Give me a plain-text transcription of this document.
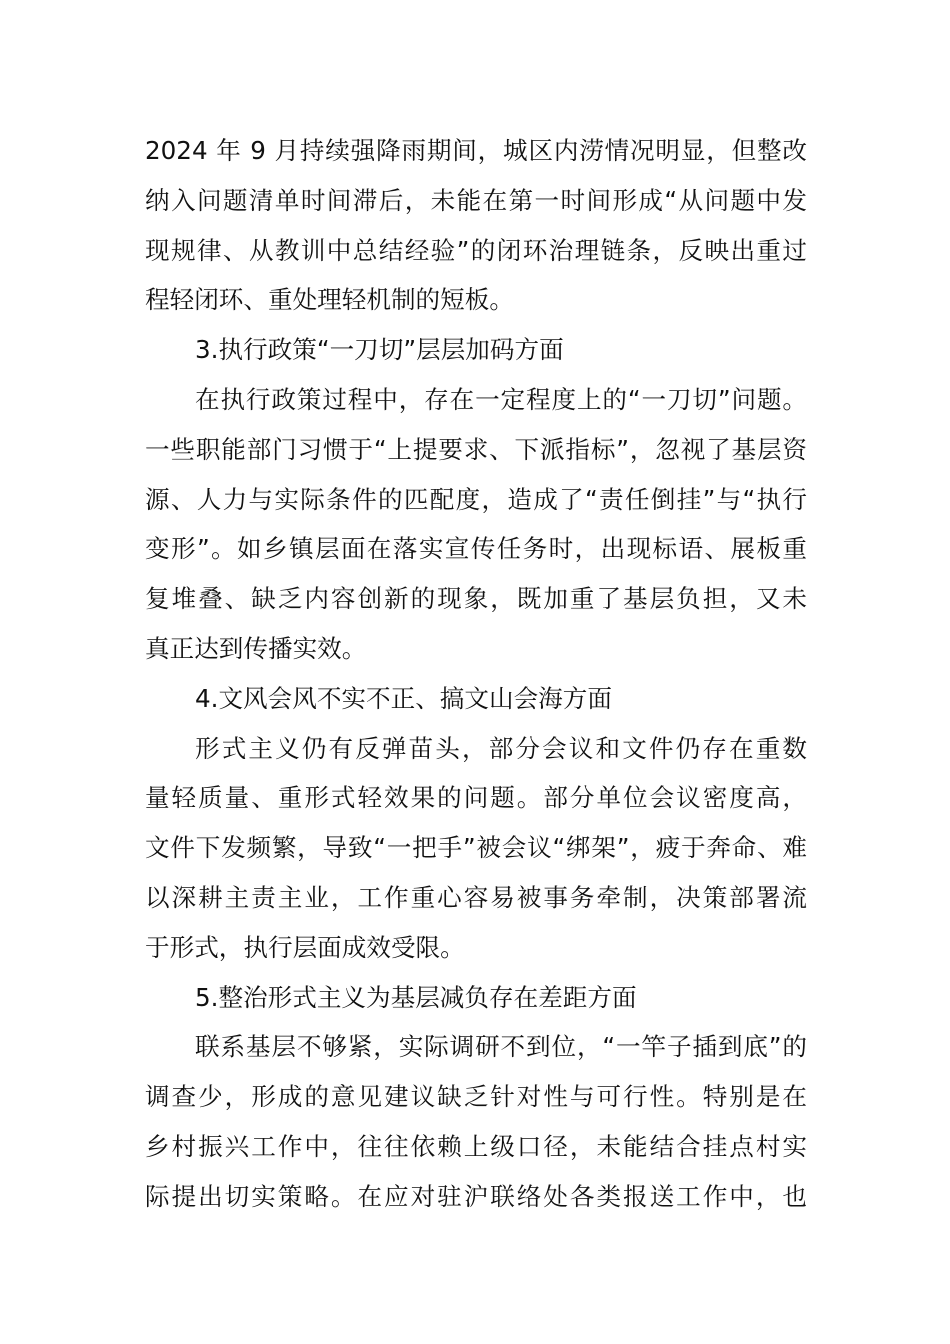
2024 年 9 月持续强降雨期间，城区内涝情况明显，但整改
纳入问题清单时间滞后，未能在第一时间形成“从问题中发
现规律、从教训中总结经验”的闭环治理链条，反映出重过
程轻闭环、重处理轻机制的短板。
3.执行政策“一刀切”层层加码方面
在执行政策过程中，存在一定程度上的“一刀切”问题。
一些职能部门习惯于“上提要求、下派指标”，忽视了基层资
源、人力与实际条件的匹配度，造成了“责任倒挂”与“执行
变形”。如乡镇层面在落实宣传任务时，出现标语、展板重
复堆叠、缺乏内容创新的现象，既加重了基层负担，又未
真正达到传播实效。
4.文风会风不实不正、搞文山会海方面
形式主义仍有反弹苗头，部分会议和文件仍存在重数
量轻质量、重形式轻效果的问题。部分单位会议密度高，
文件下发频繁，导致“一把手”被会议“绑架”，疲于奔命、难
以深耕主责主业，工作重心容易被事务牵制，决策部署流
于形式，执行层面成效受限。
5.整治形式主义为基层减负存在差距方面
联系基层不够紧，实际调研不到位，“一竿子插到底”的
调查少，形成的意见建议缺乏针对性与可行性。特别是在
乡村振兴工作中，往往依赖上级口径，未能结合挂点村实
际提出切实策略。在应对驻沪联络处各类报送工作中，也
